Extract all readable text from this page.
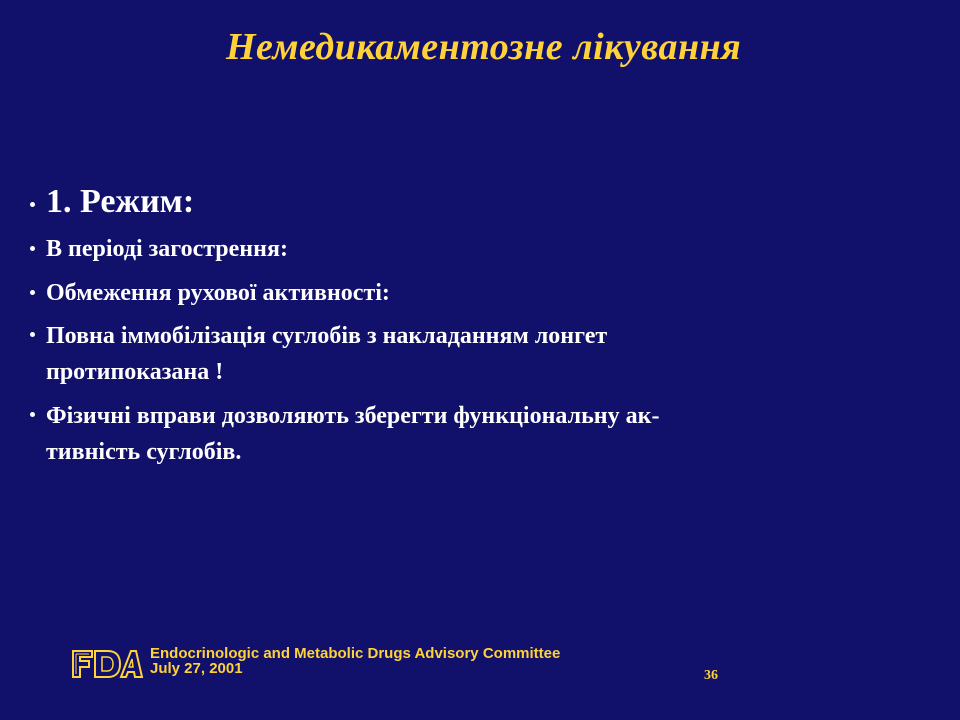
Немедикаментозне лікування
1. Режим:
В періоді загострення:
Обмеження рухової активності:
Повна іммобілізація суглобів з накладанням лонгет
протипоказана !
Фізичні вправи дозволяють зберегти функціональну ак-
тивність суглобів.
Endocrinologic and Metabolic Drugs Advisory Committee
July 27, 2001	36
